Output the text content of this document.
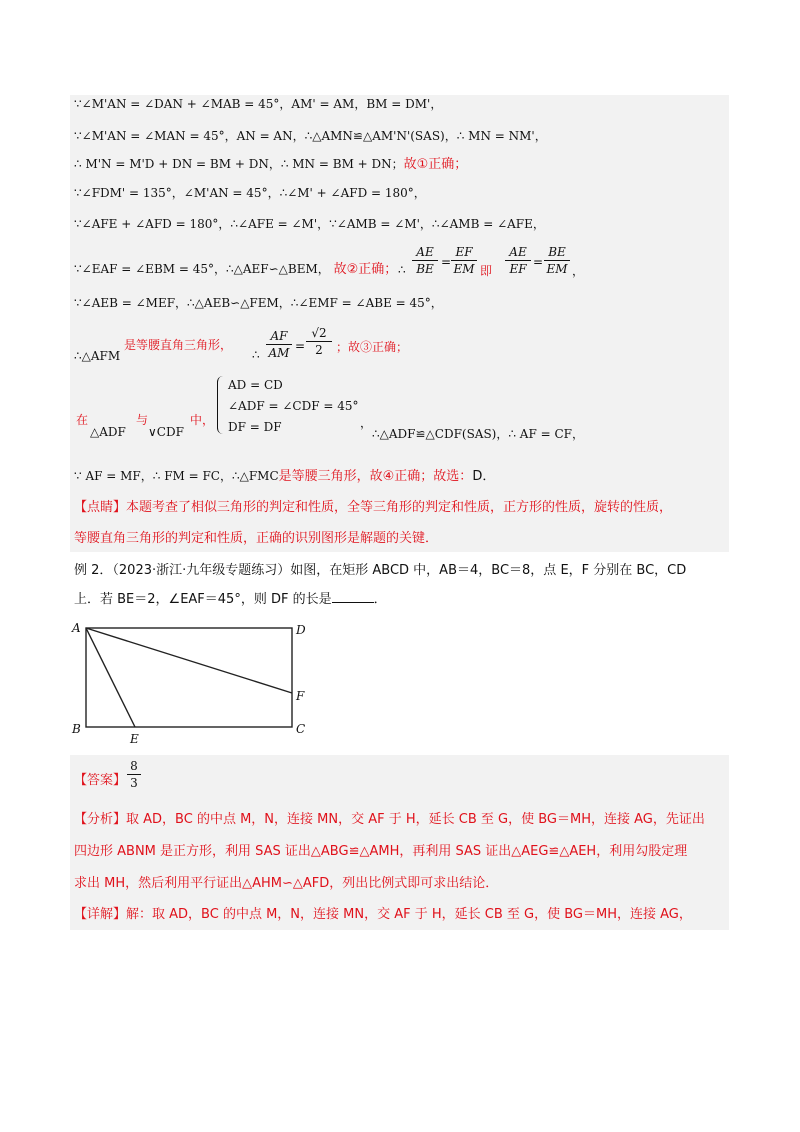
∵∠M'AN = ∠DAN + ∠MAB = 45°，AM' = AM，BM = DM'，
∵∠M'AN = ∠MAN = 45°，AN = AN，∴△AMN≌△AM'N'(SAS)，∴ MN = NM'，
∴ M'N = M'D + DN = BM + DN，∴ MN = BM + DN；故①正确；
∵∠FDM' = 135°，∠M'AN = 45°，∴∠M' + ∠AFD = 180°，
∵∠AFE + ∠AFD = 180°，∴∠AFE = ∠M'，∵∠AMB = ∠M'，∴∠AMB = ∠AFE，
∵∠EAF = ∠EBM = 45°，∴△AEF∽△BEM， 故②正确； ∴ $\frac{AE}{BE} = \frac{EF}{EM}$ 即 $\frac{AE}{EF} = \frac{BE}{EM}$ ，
∵∠AEB = ∠MEF，∴△AEB∽△FEM，∴∠EMF = ∠ABE = 45°，
∴△AFM
是等腰直角三角形，
∴ $\frac{AF}{AM} = \frac{√2}{2}$ ；故③正确；
在
△ADF
与
∨CDF
中，
AD = CD
∠ADF = ∠CDF = 45°
DF = DF	，
∴△ADF≌△CDF(SAS)，∴ AF = CF，
∵ AF = MF，∴ FM = FC，∴△FMC是等腰三角形，故④正确；故选：D．
【点睛】本题考查了相似三角形的判定和性质，全等三角形的判定和性质，正方形的性质，旋转的性质，
等腰直角三角形的判定和性质，正确的识别图形是解题的关键．
例 2．（2023·浙江·九年级专题练习）如图，在矩形 ABCD 中，AB＝4，BC＝8，点 E，F 分别在 BC，CD
上．若 BE＝2，∠EAF＝45°，则 DF 的长是	．
A	D
F
B	C
E
【答案】 $\frac{8}{3}$
【分析】取 AD，BC 的中点 M，N，连接 MN，交 AF 于 H，延长 CB 至 G，使 BG＝MH，连接 AG，先证出
四边形 ABNM 是正方形，利用 SAS 证出△ABG≌△AMH，再利用 SAS 证出△AEG≌△AEH，利用勾股定理
求出 MH，然后利用平行证出△AHM∽△AFD，列出比例式即可求出结论．
【详解】解：取 AD，BC 的中点 M，N，连接 MN，交 AF 于 H，延长 CB 至 G，使 BG＝MH，连接 AG，
